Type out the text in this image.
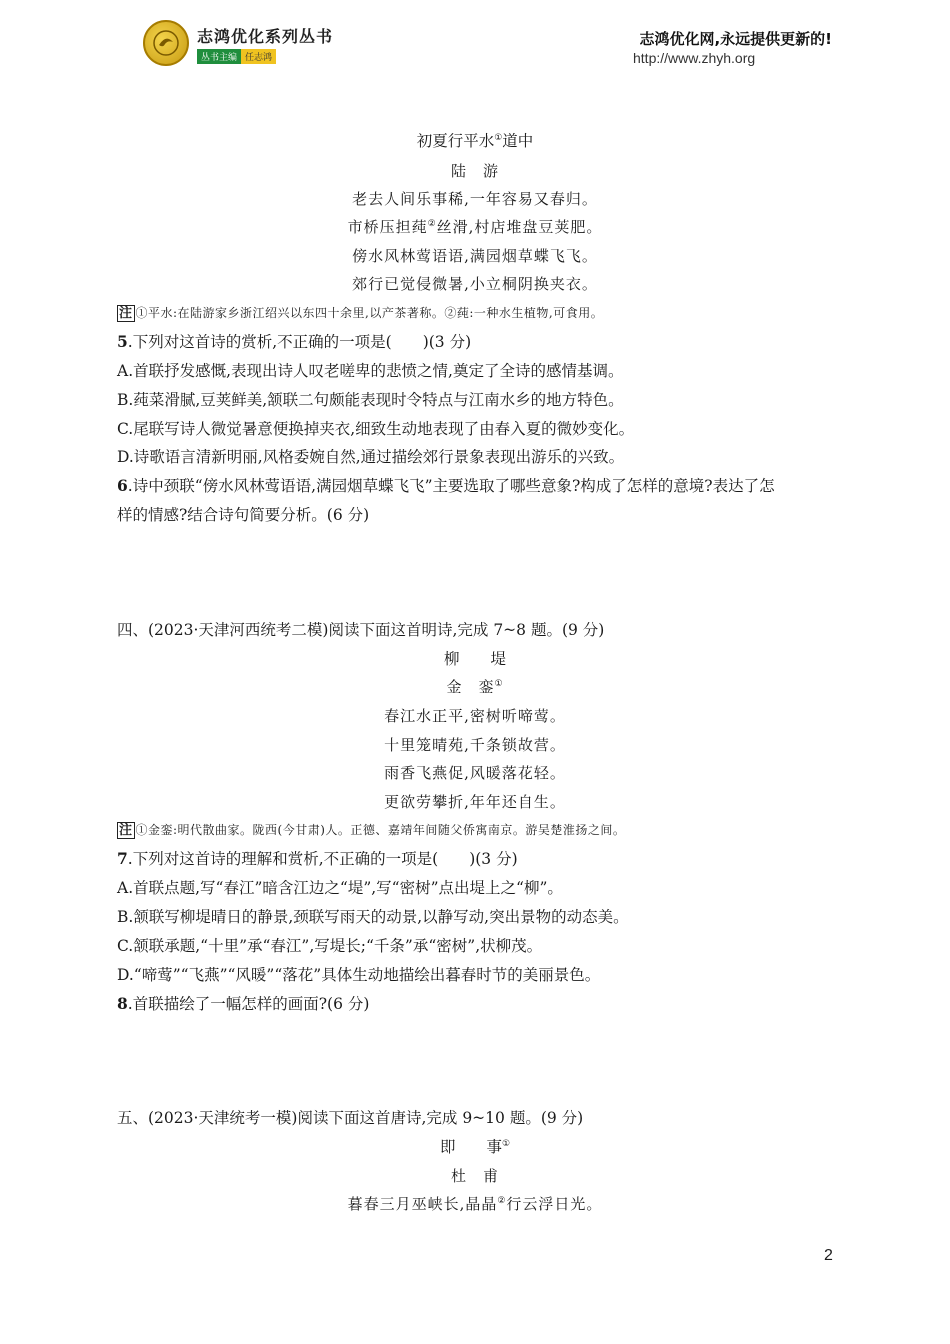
志鸿优化系列丛书
丛书主编 任志鸿
志鸿优化网,永远提供更新的!
http://www.zhyh.org
初夏行平水①道中
陆　游
老去人间乐事稀,一年容易又春归。
市桥压担莼②丝滑,村店堆盘豆荚肥。
傍水风林莺语语,满园烟草蝶飞飞。
郊行已觉侵微暑,小立桐阴换夹衣。
注 ①平水:在陆游家乡浙江绍兴以东四十余里,以产茶著称。②莼:一种水生植物,可食用。
5.下列对这首诗的赏析,不正确的一项是(　　)(3 分)
A.首联抒发感慨,表现出诗人叹老嗟卑的悲愤之情,奠定了全诗的感情基调。
B.莼菜滑腻,豆荚鲜美,颔联二句颇能表现时令特点与江南水乡的地方特色。
C.尾联写诗人微觉暑意便换掉夹衣,细致生动地表现了由春入夏的微妙变化。
D.诗歌语言清新明丽,风格委婉自然,通过描绘郊行景象表现出游乐的兴致。
6.诗中颈联“傍水风林莺语语,满园烟草蝶飞飞”主要选取了哪些意象?构成了怎样的意境?表达了怎
样的情感?结合诗句简要分析。(6 分)
四、(2023·天津河西统考二模)阅读下面这首明诗,完成 7~8 题。(9 分)
柳　　堤
金　銮①
春江水正平,密树听啼莺。
十里笼晴苑,千条锁故营。
雨香飞燕促,风暖落花轻。
更欲劳攀折,年年还自生。
注 ①金銮:明代散曲家。陇西(今甘肃)人。正德、嘉靖年间随父侨寓南京。游吴楚淮扬之间。
7.下列对这首诗的理解和赏析,不正确的一项是(　　)(3 分)
A.首联点题,写“春江”暗含江边之“堤”,写“密树”点出堤上之“柳”。
B.颔联写柳堤晴日的静景,颈联写雨天的动景,以静写动,突出景物的动态美。
C.颔联承题,“十里”承“春江”,写堤长;“千条”承“密树”,状柳茂。
D.“啼莺”“飞燕”“风暖”“落花”具体生动地描绘出暮春时节的美丽景色。
8.首联描绘了一幅怎样的画面?(6 分)
五、(2023·天津统考一模)阅读下面这首唐诗,完成 9~10 题。(9 分)
即　　事①
杜　甫
暮春三月巫峡长,晶晶②行云浮日光。
2
